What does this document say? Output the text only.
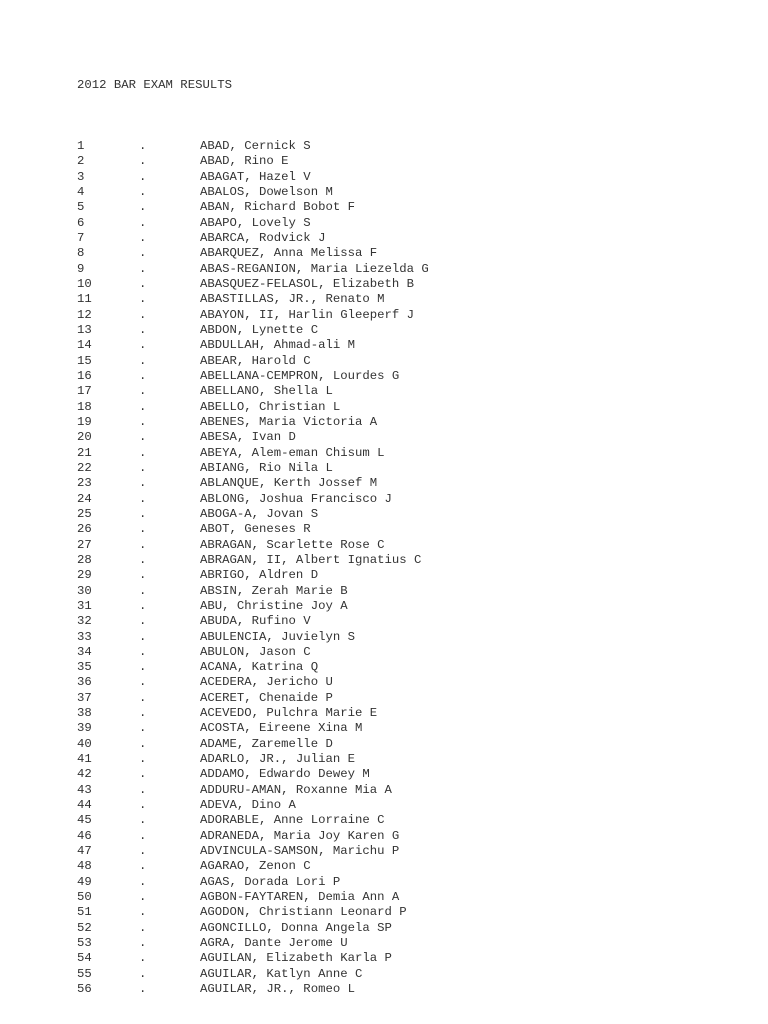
2012 BAR EXAM RESULTS
1	.	ABAD, Cernick S
2	.	ABAD, Rino E
3	.	ABAGAT, Hazel V
4	.	ABALOS, Dowelson M
5	.	ABAN, Richard Bobot F
6	.	ABAPO, Lovely S
7	.	ABARCA, Rodvick J
8	.	ABARQUEZ, Anna Melissa F
9	.	ABAS-REGANION, Maria Liezelda G
10	.	ABASQUEZ-FELASOL, Elizabeth B
11	.	ABASTILLAS, JR., Renato M
12	.	ABAYON, II, Harlin Gleeperf J
13	.	ABDON, Lynette C
14	.	ABDULLAH, Ahmad-ali M
15	.	ABEAR, Harold C
16	.	ABELLANA-CEMPRON, Lourdes G
17	.	ABELLANO, Shella L
18	.	ABELLO, Christian L
19	.	ABENES, Maria Victoria A
20	.	ABESA, Ivan D
21	.	ABEYA, Alem-eman Chisum L
22	.	ABIANG, Rio Nila L
23	.	ABLANQUE, Kerth Jossef M
24	.	ABLONG, Joshua Francisco J
25	.	ABOGA-A, Jovan S
26	.	ABOT, Geneses R
27	.	ABRAGAN, Scarlette Rose C
28	.	ABRAGAN, II, Albert Ignatius C
29	.	ABRIGO, Aldren D
30	.	ABSIN, Zerah Marie B
31	.	ABU, Christine Joy A
32	.	ABUDA, Rufino V
33	.	ABULENCIA, Juvielyn S
34	.	ABULON, Jason C
35	.	ACANA, Katrina Q
36	.	ACEDERA, Jericho U
37	.	ACERET, Chenaide P
38	.	ACEVEDO, Pulchra Marie E
39	.	ACOSTA, Eireene Xina M
40	.	ADAME, Zaremelle D
41	.	ADARLO, JR., Julian E
42	.	ADDAMO, Edwardo Dewey M
43	.	ADDURU-AMAN, Roxanne Mia A
44	.	ADEVA, Dino A
45	.	ADORABLE, Anne Lorraine C
46	.	ADRANEDA, Maria Joy Karen G
47	.	ADVINCULA-SAMSON, Marichu P
48	.	AGARAO, Zenon C
49	.	AGAS, Dorada Lori P
50	.	AGBON-FAYTAREN, Demia Ann A
51	.	AGODON, Christiann Leonard P
52	.	AGONCILLO, Donna Angela SP
53	.	AGRA, Dante Jerome U
54	.	AGUILAN, Elizabeth Karla P
55	.	AGUILAR, Katlyn Anne C
56	.	AGUILAR, JR., Romeo L
